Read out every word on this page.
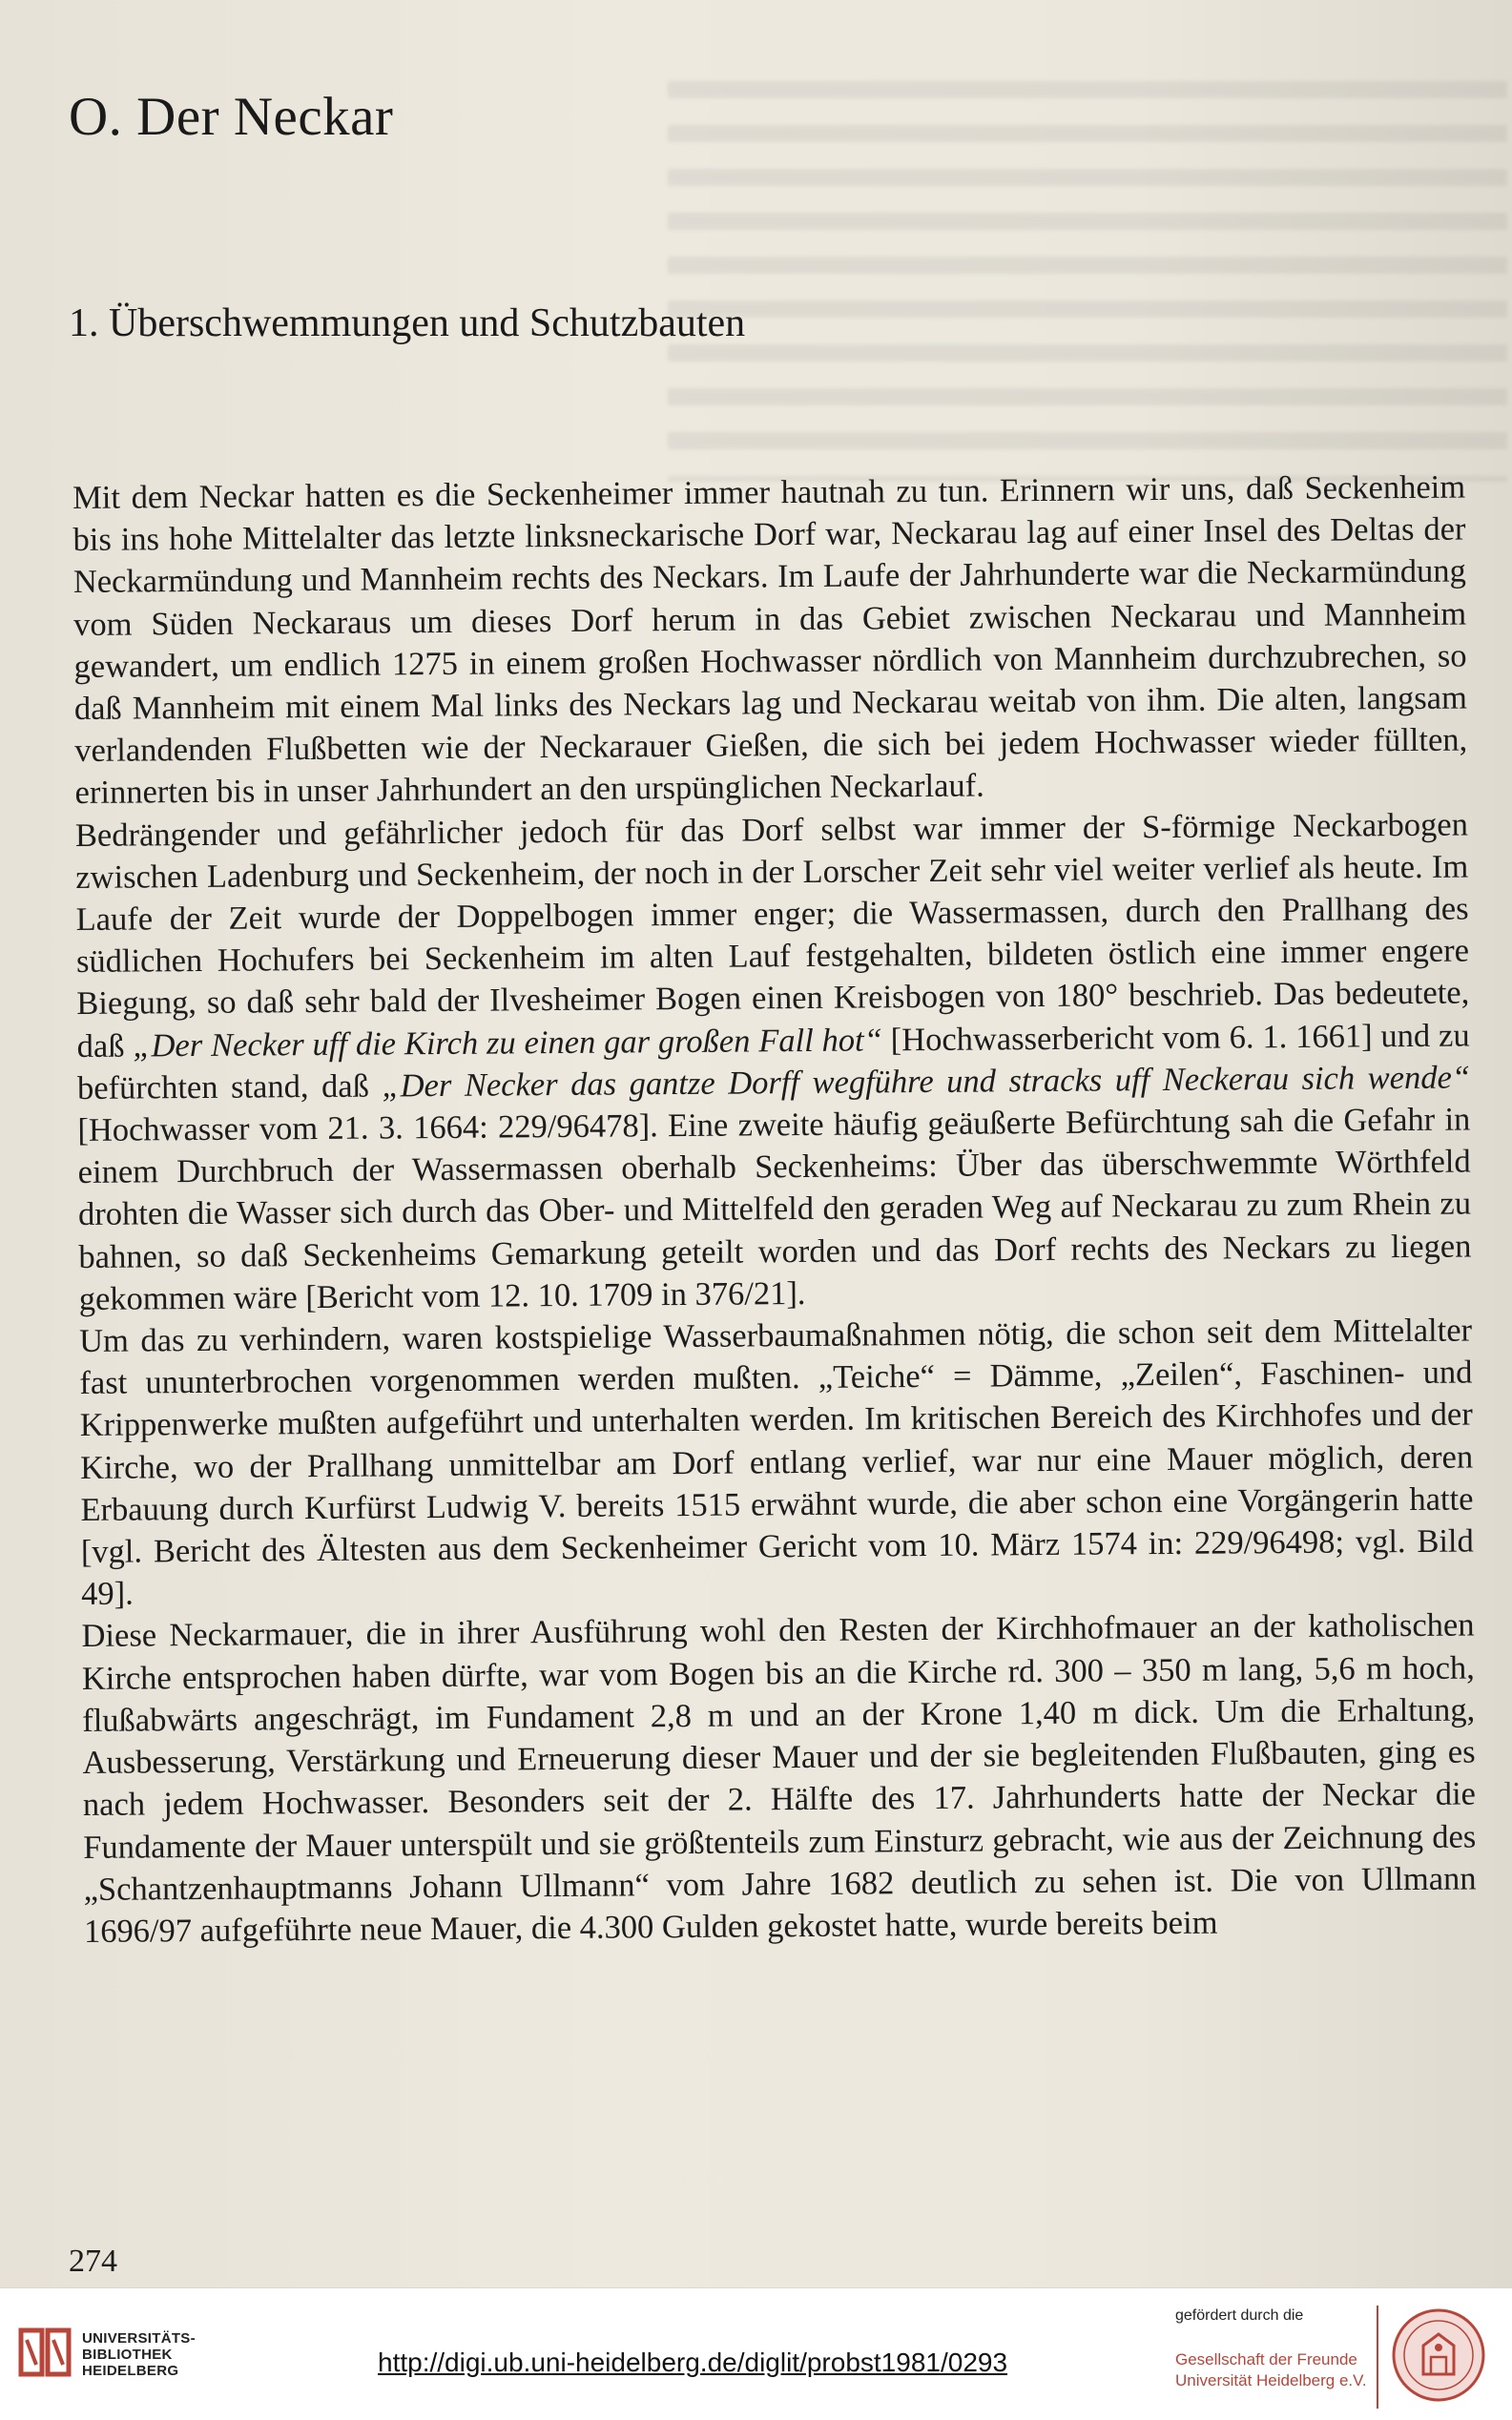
O. Der Neckar
1. Überschwemmungen und Schutzbauten

Mit dem Neckar hatten es die Seckenheimer immer hautnah zu tun. Erinnern wir uns, daß Seckenheim bis ins hohe Mittelalter das letzte linksneckarische Dorf war, Neckarau lag auf einer Insel des Deltas der Neckarmündung und Mannheim rechts des Neckars. Im Laufe der Jahrhunderte war die Neckarmündung vom Süden Neckaraus um dieses Dorf herum in das Gebiet zwischen Neckarau und Mannheim gewandert, um endlich 1275 in einem großen Hochwasser nördlich von Mannheim durchzubrechen, so daß Mannheim mit einem Mal links des Neckars lag und Neckarau weitab von ihm. Die alten, langsam verlandenden Flußbetten wie der Neckarauer Gießen, die sich bei jedem Hochwasser wieder füllten, erinnerten bis in unser Jahrhundert an den urspünglichen Neckarlauf.

Bedrängender und gefährlicher jedoch für das Dorf selbst war immer der S-förmige Neckarbogen zwischen Ladenburg und Seckenheim, der noch in der Lorscher Zeit sehr viel weiter verlief als heute. Im Laufe der Zeit wurde der Doppelbogen immer enger; die Wassermassen, durch den Prallhang des südlichen Hochufers bei Seckenheim im alten Lauf festgehalten, bildeten östlich eine immer engere Biegung, so daß sehr bald der Ilvesheimer Bogen einen Kreisbogen von 180° beschrieb. Das bedeutete, daß „Der Necker uff die Kirch zu einen gar großen Fall hot“ [Hochwasserbericht vom 6. 1. 1661] und zu befürchten stand, daß „Der Necker das gantze Dorff wegführe und stracks uff Neckerau sich wende“ [Hochwasser vom 21. 3. 1664: 229/96478]. Eine zweite häufig geäußerte Befürchtung sah die Gefahr in einem Durchbruch der Wassermassen oberhalb Seckenheims: Über das überschwemmte Wörthfeld drohten die Wasser sich durch das Ober- und Mittelfeld den geraden Weg auf Neckarau zu zum Rhein zu bahnen, so daß Seckenheims Gemarkung geteilt worden und das Dorf rechts des Neckars zu liegen gekommen wäre [Bericht vom 12. 10. 1709 in 376/21].

Um das zu verhindern, waren kostspielige Wasserbaumaßnahmen nötig, die schon seit dem Mittelalter fast ununterbrochen vorgenommen werden mußten. „Teiche“ = Dämme, „Zeilen“, Faschinen- und Krippenwerke mußten aufgeführt und unterhalten werden. Im kritischen Bereich des Kirchhofes und der Kirche, wo der Prallhang unmittelbar am Dorf entlang verlief, war nur eine Mauer möglich, deren Erbauung durch Kurfürst Ludwig V. bereits 1515 erwähnt wurde, die aber schon eine Vorgängerin hatte [vgl. Bericht des Ältesten aus dem Seckenheimer Gericht vom 10. März 1574 in: 229/96498; vgl. Bild 49].

Diese Neckarmauer, die in ihrer Ausführung wohl den Resten der Kirchhofmauer an der katholischen Kirche entsprochen haben dürfte, war vom Bogen bis an die Kirche rd. 300 – 350 m lang, 5,6 m hoch, flußabwärts angeschrägt, im Fundament 2,8 m und an der Krone 1,40 m dick. Um die Erhaltung, Ausbesserung, Verstärkung und Erneuerung dieser Mauer und der sie begleitenden Flußbauten, ging es nach jedem Hochwasser. Besonders seit der 2. Hälfte des 17. Jahrhunderts hatte der Neckar die Fundamente der Mauer unterspült und sie größtenteils zum Einsturz gebracht, wie aus der Zeichnung des „Schantzenhauptmanns Johann Ullmann“ vom Jahre 1682 deutlich zu sehen ist. Die von Ullmann 1696/97 aufgeführte neue Mauer, die 4.300 Gulden gekostet hatte, wurde bereits beim

274
UNIVERSITÄTS-
BIBLIOTHEK
HEIDELBERG	http://digi.ub.uni-heidelberg.de/diglit/probst1981/0293
gefördert durch die
Gesellschaft der Freunde
Universität Heidelberg e.V.
